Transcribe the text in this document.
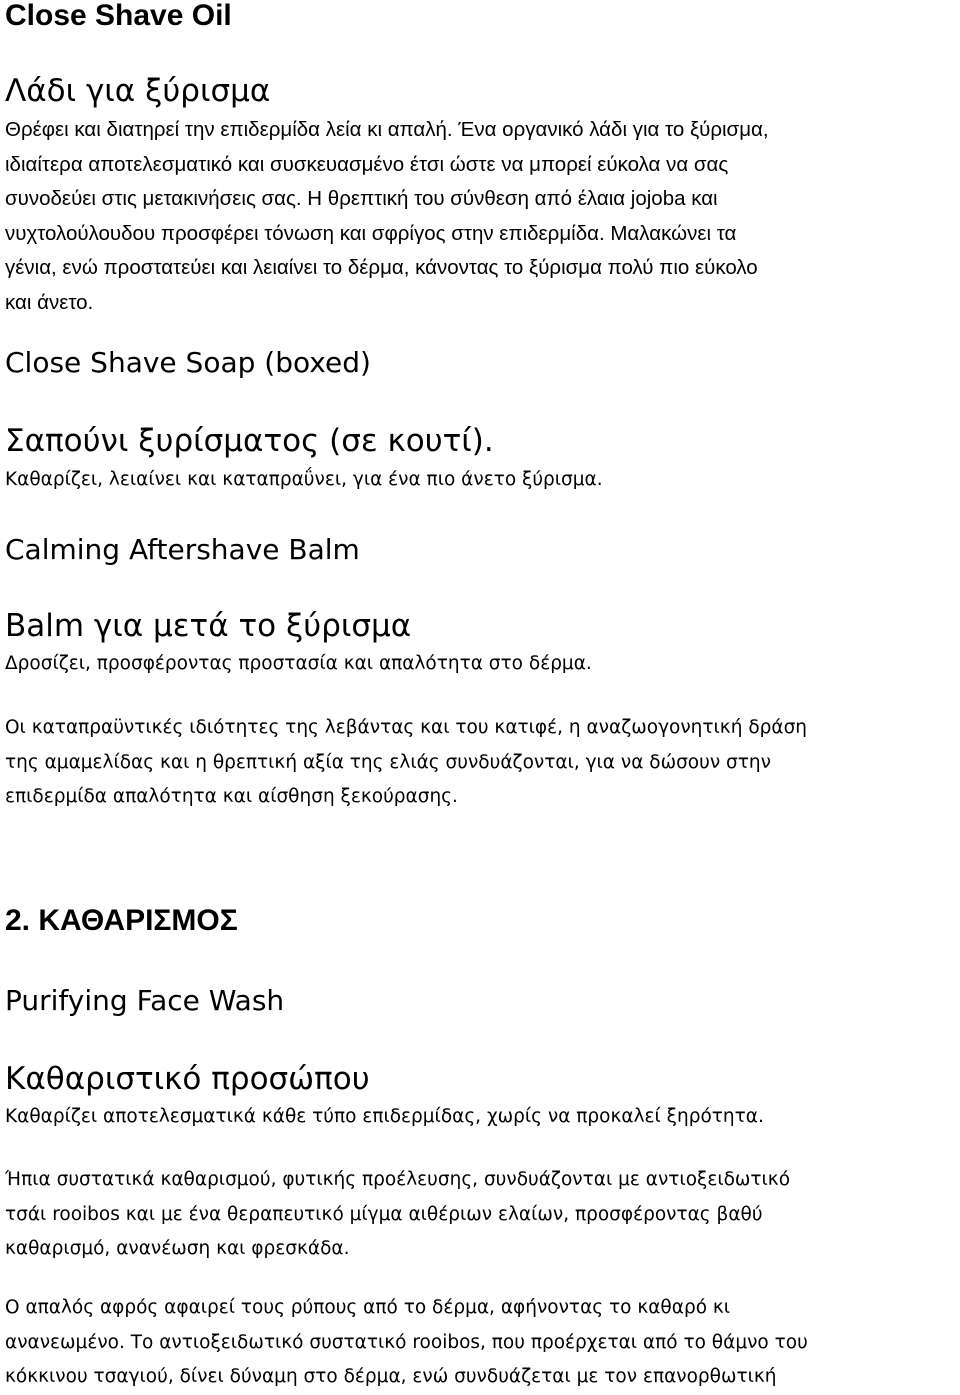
Close Shave Oil
Λάδι για ξύρισμα
Θρέφει και διατηρεί την επιδερμίδα λεία κι απαλή. Ένα οργανικό λάδι για το ξύρισμα,
ιδιαίτερα αποτελεσματικό και συσκευασμένο έτσι ώστε να μπορεί εύκολα να σας
συνοδεύει στις μετακινήσεις σας. Η θρεπτική του σύνθεση από έλαια jojoba και
νυχτολούλουδου προσφέρει τόνωση και σφρίγος στην επιδερμίδα. Μαλακώνει τα
γένια, ενώ προστατεύει και λειαίνει το δέρμα, κάνοντας το ξύρισμα πολύ πιο εύκολο
και άνετο.
Close Shave Soap (boxed)
Σαπούνι ξυρίσματος (σε κουτί).
Καθαρίζει, λειαίνει και καταπραΰνει, για ένα πιο άνετο ξύρισμα.
Calming Aftershave Balm
Balm για μετά το ξύρισμα
Δροσίζει, προσφέροντας προστασία και απαλότητα στο δέρμα.
Οι καταπραϋντικές ιδιότητες της λεβάντας και του κατιφέ, η αναζωογονητική δράση
της αμαμελίδας και η θρεπτική αξία της ελιάς συνδυάζονται, για να δώσουν στην
επιδερμίδα απαλότητα και αίσθηση ξεκούρασης.
2. ΚΑΘΑΡΙΣΜΟΣ
Purifying Face Wash
Καθαριστικό προσώπου
Καθαρίζει αποτελεσματικά κάθε τύπο επιδερμίδας, χωρίς να προκαλεί ξηρότητα.
Ήπια συστατικά καθαρισμού, φυτικής προέλευσης, συνδυάζονται με αντιοξειδωτικό
τσάι rooibos και με ένα θεραπευτικό μίγμα αιθέριων ελαίων, προσφέροντας βαθύ
καθαρισμό, ανανέωση και φρεσκάδα.
Ο απαλός αφρός αφαιρεί τους ρύπους από το δέρμα, αφήνοντας το καθαρό κι
ανανεωμένο. Το αντιοξειδωτικό συστατικό rooibos, που προέρχεται από το θάμνο του
κόκκινου τσαγιού, δίνει δύναμη στο δέρμα, ενώ συνδυάζεται με τον επανορθωτική
